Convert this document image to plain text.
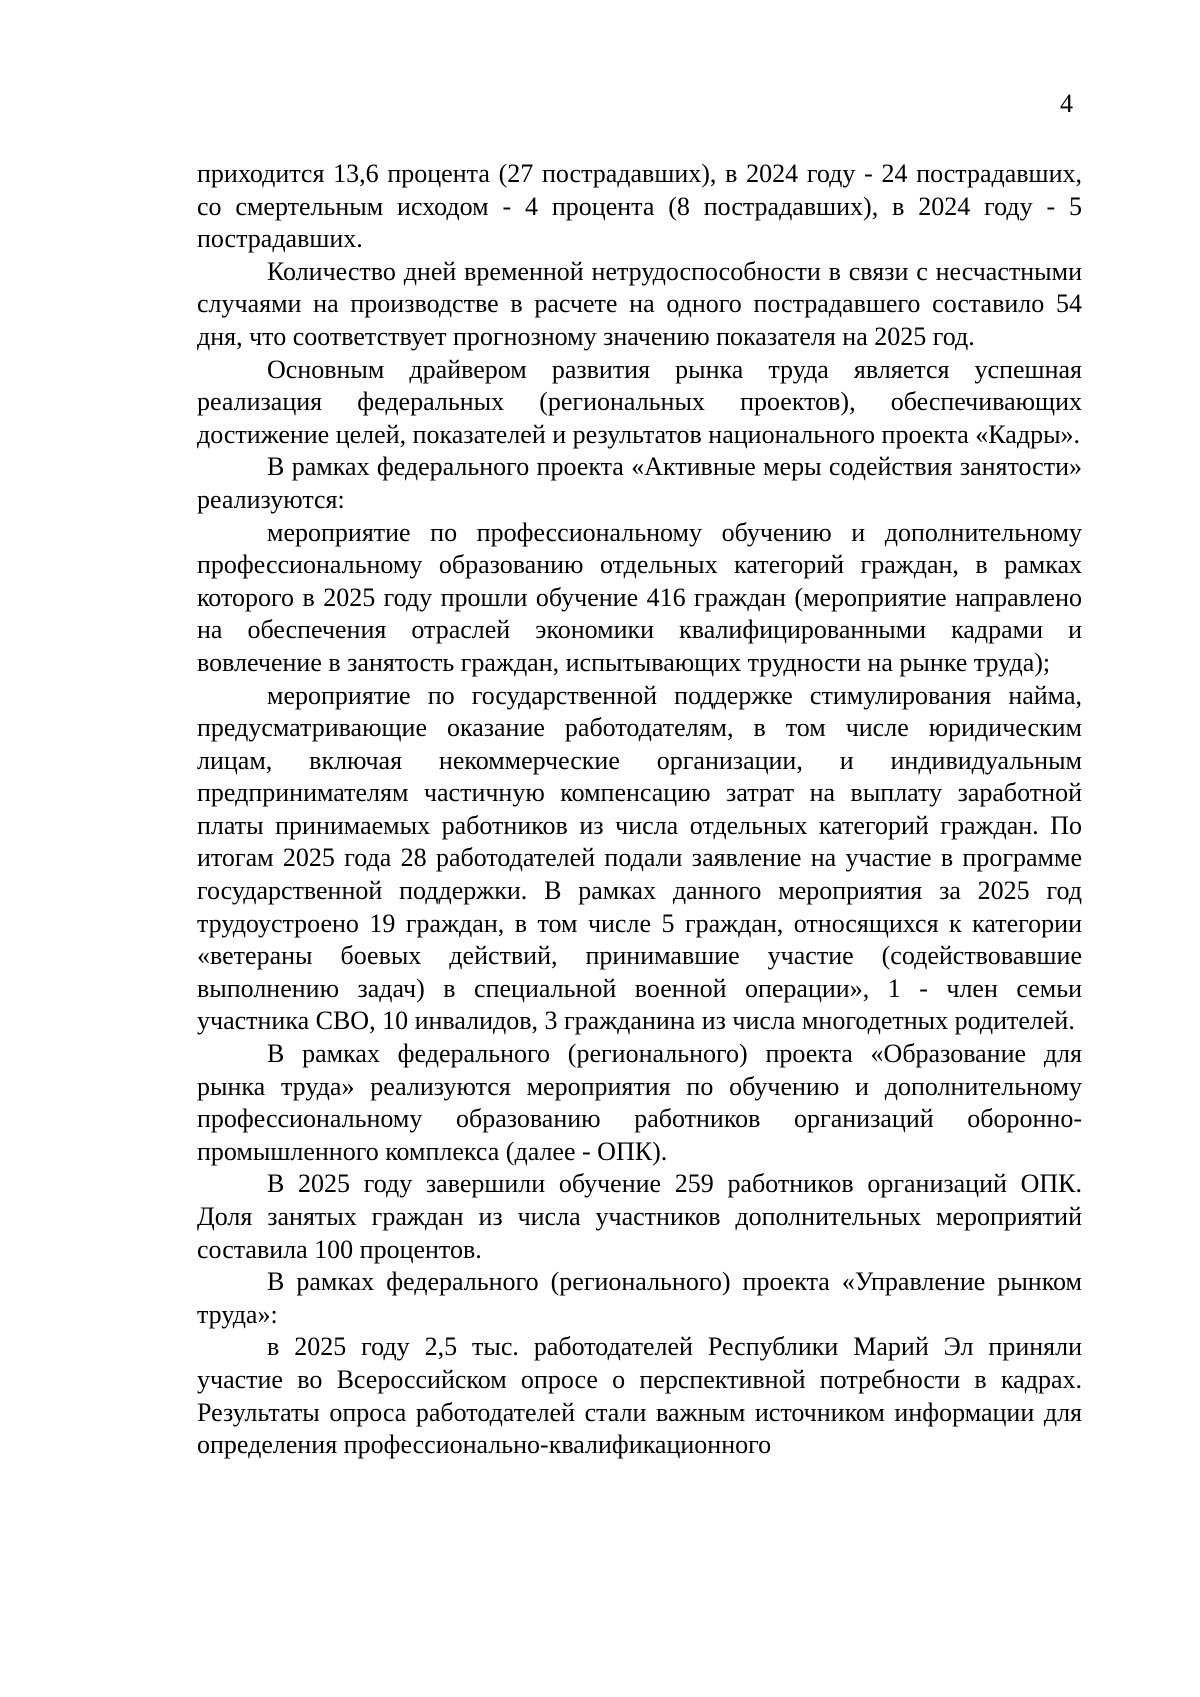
4

приходится 13,6 процента (27 пострадавших), в 2024 году - 24 пострадавших, со смертельным исходом - 4 процента (8 пострадавших), в 2024 году - 5 пострадавших.

Количество дней временной нетрудоспособности в связи с несчастными случаями на производстве в расчете на одного пострадавшего составило 54 дня, что соответствует прогнозному значению показателя на 2025 год.

Основным драйвером развития рынка труда является успешная реализация федеральных (региональных проектов), обеспечивающих достижение целей, показателей и результатов национального проекта «Кадры».

В рамках федерального проекта «Активные меры содействия занятости» реализуются:

мероприятие по профессиональному обучению и дополнительному профессиональному образованию отдельных категорий граждан, в рамках которого в 2025 году прошли обучение 416 граждан (мероприятие направлено на обеспечения отраслей экономики квалифицированными кадрами и вовлечение в занятость граждан, испытывающих трудности на рынке труда);

мероприятие по государственной поддержке стимулирования найма, предусматривающие оказание работодателям, в том числе юридическим лицам, включая некоммерческие организации, и индивидуальным предпринимателям частичную компенсацию затрат на выплату заработной платы принимаемых работников из числа отдельных категорий граждан. По итогам 2025 года 28 работодателей подали заявление на участие в программе государственной поддержки. В рамках данного мероприятия за 2025 год трудоустроено 19 граждан, в том числе 5 граждан, относящихся к категории «ветераны боевых действий, принимавшие участие (содействовавшие выполнению задач) в специальной военной операции», 1 - член семьи участника СВО, 10 инвалидов, 3 гражданина из числа многодетных родителей.

В рамках федерального (регионального) проекта «Образование для рынка труда» реализуются мероприятия по обучению и дополнительному профессиональному образованию работников организаций оборонно-промышленного комплекса (далее - ОПК).

В 2025 году завершили обучение 259 работников организаций ОПК. Доля занятых граждан из числа участников дополнительных мероприятий составила 100 процентов.

В рамках федерального (регионального) проекта «Управление рынком труда»:

в 2025 году 2,5 тыс. работодателей Республики Марий Эл приняли участие во Всероссийском опросе о перспективной потребности в кадрах. Результаты опроса работодателей стали важным источником информации для определения профессионально-квалификационного
